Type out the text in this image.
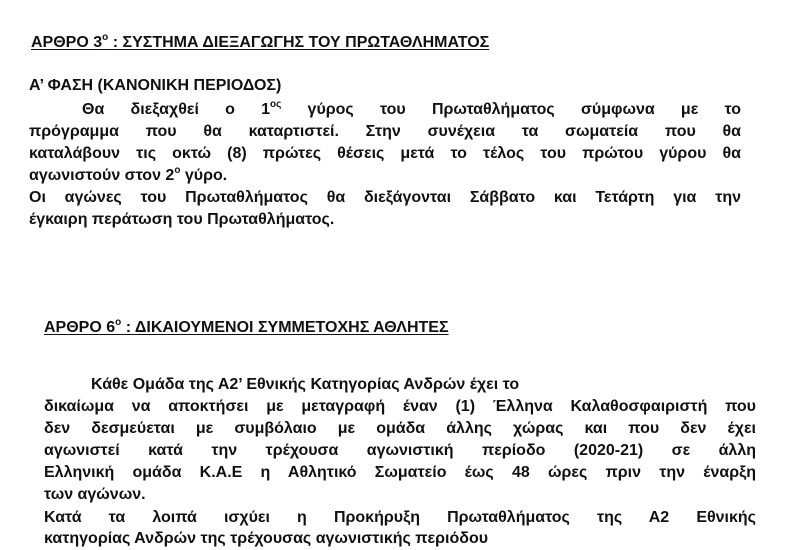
ΑΡΘΡΟ $3^o$ : ΣΥΣΤΗΜΑ ΔΙΕΞΑΓΩΓΗΣ ΤΟΥ ΠΡΩΤΑΘΛΗΜΑΤΟΣ
Α’ ΦΑΣΗ (ΚΑΝΟΝΙΚΗ ΠΕΡΙΟΔΟΣ)
Θα διεξαχθεί ο $1^{o\varsigma}$ γύρος του Πρωταθλήματος σύμφωνα με το
πρόγραμμα που θα καταρτιστεί. Στην συνέχεια τα σωματεία που θα
καταλάβουν τις οκτώ (8) πρώτες θέσεις μετά το τέλος του πρώτου γύρου θα
αγωνιστούν στον $2^o$ γύρο.
Οι αγώνες του Πρωταθλήματος θα διεξάγονται Σάββατο και Τετάρτη για την
έγκαιρη περάτωση του Πρωταθλήματος.
ΑΡΘΡΟ $6^o$ : ΔΙΚΑΙΟΥΜΕΝΟΙ ΣΥΜΜΕΤΟΧΗΣ ΑΘΛΗΤΕΣ
Κάθε Ομάδα της Α2’ Εθνικής Κατηγορίας Ανδρών έχει το
δικαίωμα να αποκτήσει με μεταγραφή έναν (1) Έλληνα Καλαθοσφαιριστή που
δεν δεσμεύεται με συμβόλαιο με ομάδα άλλης χώρας και που δεν έχει
αγωνιστεί κατά την τρέχουσα αγωνιστική περίοδο (2020-21) σε άλλη
Ελληνική ομάδα Κ.Α.Ε η Αθλητικό Σωματείο έως 48 ώρες πριν την έναρξη
των αγώνων.
Κατά τα λοιπά ισχύει η Προκήρυξη Πρωταθλήματος της Α2 Εθνικής
κατηγορίας Ανδρών της τρέχουσας αγωνιστικής περιόδου
